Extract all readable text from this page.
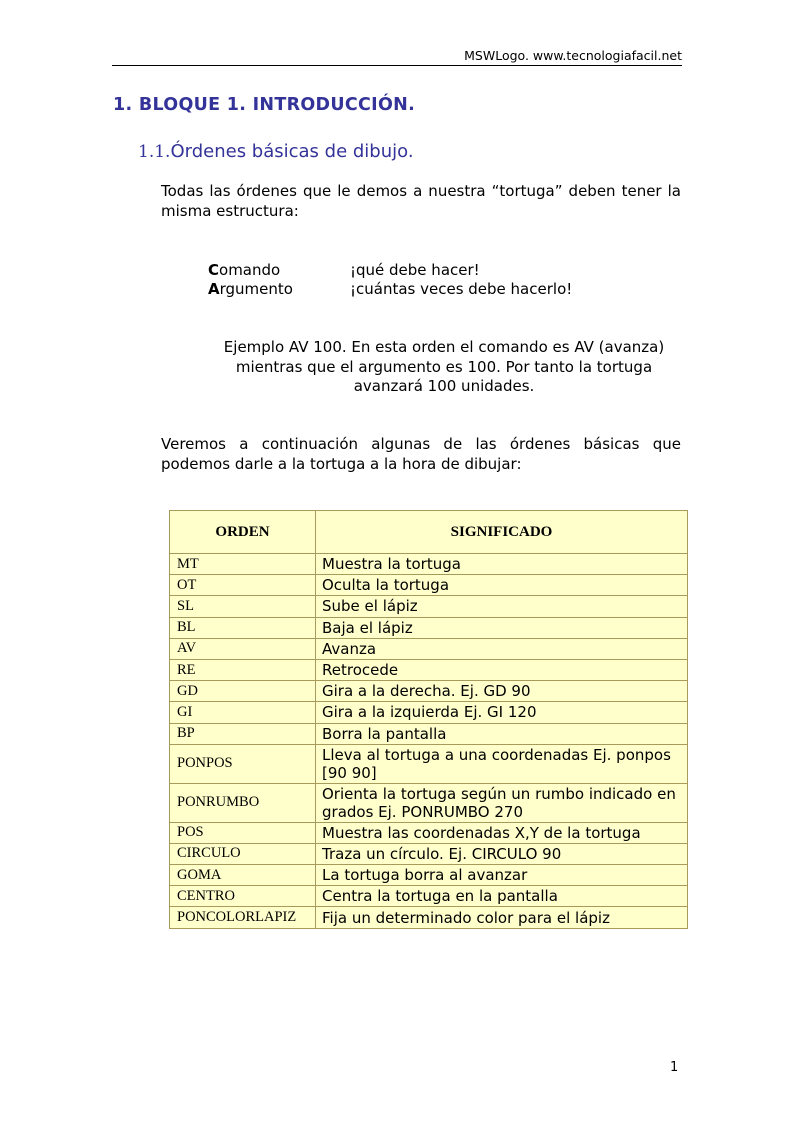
MSWLogo. www.tecnologiafacil.net
1. BLOQUE 1. INTRODUCCIÓN.
1.1.Órdenes básicas de dibujo.
Todas las órdenes que le demos a nuestra “tortuga” deben tener la misma estructura:
Comando	¡qué debe hacer!
Argumento	¡cuántas veces debe hacerlo!
Ejemplo AV 100. En esta orden el comando es AV (avanza) mientras que el argumento es 100. Por tanto la tortuga avanzará 100 unidades.
Veremos a continuación algunas de las órdenes básicas que podemos darle a la tortuga a la hora de dibujar:
ORDEN	SIGNIFICADO
MT	Muestra la tortuga
OT	Oculta la tortuga
SL	Sube el lápiz
BL	Baja el lápiz
AV	Avanza
RE	Retrocede
GD	Gira a la derecha. Ej. GD 90
GI	Gira a la izquierda Ej. GI 120
BP	Borra la pantalla
PONPOS	Lleva al tortuga a una coordenadas Ej. ponpos [90 90]
PONRUMBO	Orienta la tortuga según un rumbo indicado en grados Ej. PONRUMBO 270
POS	Muestra las coordenadas X,Y de la tortuga
CIRCULO	Traza un círculo. Ej. CIRCULO 90
GOMA	La tortuga borra al avanzar
CENTRO	Centra la tortuga en la pantalla
PONCOLORLAPIZ	Fija un determinado color para el lápiz
1
